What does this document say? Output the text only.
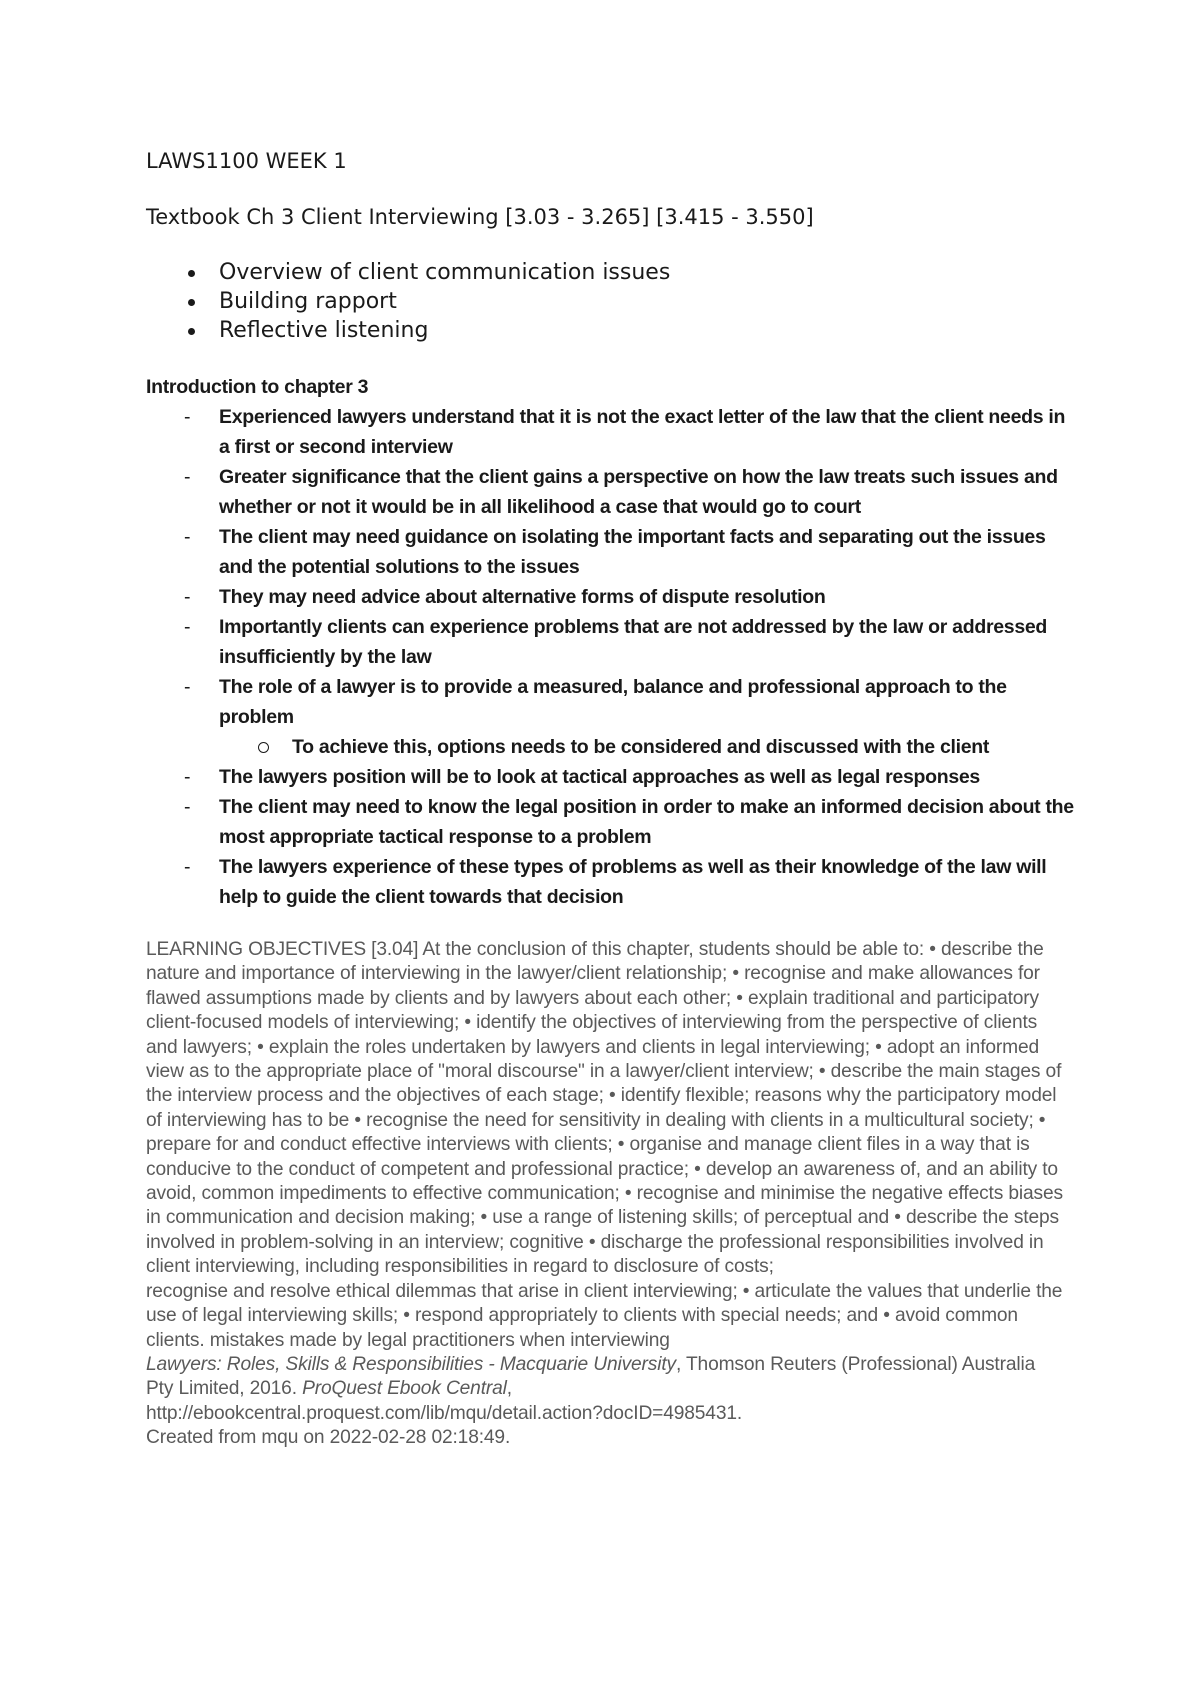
LAWS1100 WEEK 1

Textbook Ch 3 Client Interviewing [3.03 - 3.265] [3.415 - 3.550]

Overview of client communication issues
Building rapport
Reflective listening

Introduction to chapter 3

- Experienced lawyers understand that it is not the exact letter of the law that the client needs in a first or second interview
- Greater significance that the client gains a perspective on how the law treats such issues and whether or not it would be in all likelihood a case that would go to court
- The client may need guidance on isolating the important facts and separating out the issues and the potential solutions to the issues
- They may need advice about alternative forms of dispute resolution
- Importantly clients can experience problems that are not addressed by the law or addressed insufficiently by the law
- The role of a lawyer is to provide a measured, balance and professional approach to the problem
To achieve this, options needs to be considered and discussed with the client
- The lawyers position will be to look at tactical approaches as well as legal responses
- The client may need to know the legal position in order to make an informed decision about the most appropriate tactical response to a problem
- The lawyers experience of these types of problems as well as their knowledge of the law will help to guide the client towards that decision

LEARNING OBJECTIVES [3.04] At the conclusion of this chapter, students should be able to: • describe the nature and importance of interviewing in the lawyer/client relationship; • recognise and make allowances for flawed assumptions made by clients and by lawyers about each other; • explain traditional and participatory client-focused models of interviewing; • identify the objectives of interviewing from the perspective of clients and lawyers; • explain the roles undertaken by lawyers and clients in legal interviewing; • adopt an informed view as to the appropriate place of "moral discourse" in a lawyer/client interview; • describe the main stages of the interview process and the objectives of each stage; • identify flexible; reasons why the participatory model of interviewing has to be • recognise the need for sensitivity in dealing with clients in a multicultural society; • prepare for and conduct effective interviews with clients; • organise and manage client files in a way that is conducive to the conduct of competent and professional practice; • develop an awareness of, and an ability to avoid, common impediments to effective communication; • recognise and minimise the negative effects biases in communication and decision making; • use a range of listening skills; of perceptual and • describe the steps involved in problem-solving in an interview; cognitive • discharge the professional responsibilities involved in client interviewing, including responsibilities in regard to disclosure of costs;

recognise and resolve ethical dilemmas that arise in client interviewing; • articulate the values that underlie the use of legal interviewing skills; • respond appropriately to clients with special needs; and • avoid common clients. mistakes made by legal practitioners when interviewing
Lawyers: Roles, Skills & Responsibilities - Macquarie University, Thomson Reuters (Professional) Australia Pty Limited, 2016. ProQuest Ebook Central,
http://ebookcentral.proquest.com/lib/mqu/detail.action?docID=4985431.

Created from mqu on 2022-02-28 02:18:49.
